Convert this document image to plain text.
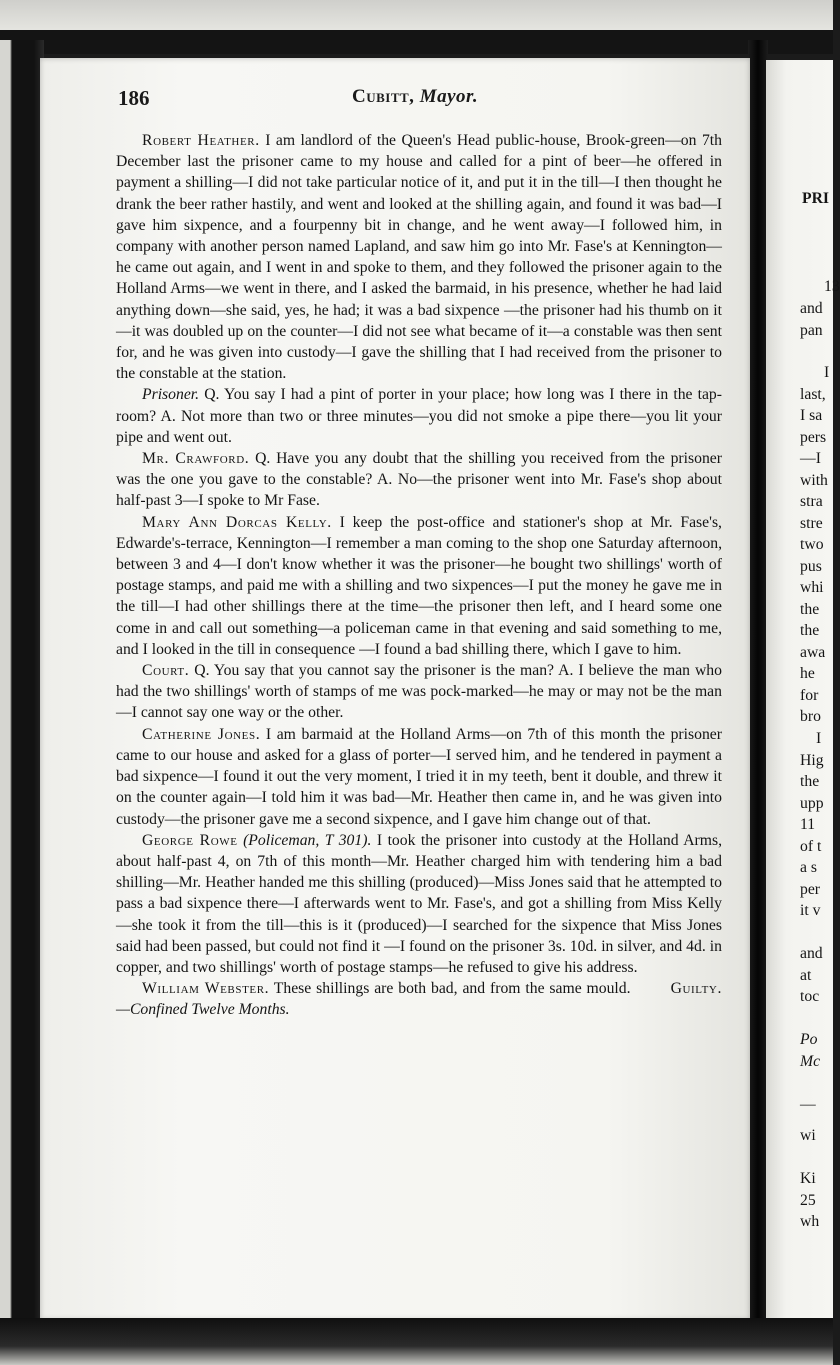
186	Cubitt, Mayor.

Robert Heather. I am landlord of the Queen's Head public-house, Brook-green—on 7th December last the prisoner came to my house and called for a pint of beer—he offered in payment a shilling—I did not take particular notice of it, and put it in the till—I then thought he drank the beer rather hastily, and went and looked at the shilling again, and found it was bad—I gave him sixpence, and a fourpenny bit in change, and he went away—I followed him, in company with another person named Lapland, and saw him go into Mr. Fase's at Kennington—he came out again, and I went in and spoke to them, and they followed the prisoner again to the Holland Arms—we went in there, and I asked the barmaid, in his presence, whether he had laid anything down—she said, yes, he had; it was a bad sixpence —the prisoner had his thumb on it—it was doubled up on the counter—I did not see what became of it—a constable was then sent for, and he was given into custody—I gave the shilling that I had received from the prisoner to the constable at the station.

Prisoner. Q. You say I had a pint of porter in your place; how long was I there in the tap-room? A. Not more than two or three minutes—you did not smoke a pipe there—you lit your pipe and went out.

Mr. Crawford. Q. Have you any doubt that the shilling you received from the prisoner was the one you gave to the constable? A. No—the prisoner went into Mr. Fase's shop about half-past 3—I spoke to Mr Fase.

Mary Ann Dorcas Kelly. I keep the post-office and stationer's shop at Mr. Fase's, Edwarde's-terrace, Kennington—I remember a man coming to the shop one Saturday afternoon, between 3 and 4—I don't know whether it was the prisoner—he bought two shillings' worth of postage stamps, and paid me with a shilling and two sixpences—I put the money he gave me in the till—I had other shillings there at the time—the prisoner then left, and I heard some one come in and call out something—a policeman came in that evening and said something to me, and I looked in the till in consequence —I found a bad shilling there, which I gave to him.

Court. Q. You say that you cannot say the prisoner is the man? A. I believe the man who had the two shillings' worth of stamps of me was pock-marked—he may or may not be the man—I cannot say one way or the other.

Catherine Jones. I am barmaid at the Holland Arms—on 7th of this month the prisoner came to our house and asked for a glass of porter—I served him, and he tendered in payment a bad sixpence—I found it out the very moment, I tried it in my teeth, bent it double, and threw it on the counter again—I told him it was bad—Mr. Heather then came in, and he was given into custody—the prisoner gave me a second sixpence, and I gave him change out of that.

George Rowe (Policeman, T 301). I took the prisoner into custody at the Holland Arms, about half-past 4, on 7th of this month—Mr. Heather charged him with tendering him a bad shilling—Mr. Heather handed me this shilling (produced)—Miss Jones said that he attempted to pass a bad sixpence there—I afterwards went to Mr. Fase's, and got a shilling from Miss Kelly—she took it from the till—this is it (produced)—I searched for the sixpence that Miss Jones said had been passed, but could not find it —I found on the prisoner 3s. 10d. in silver, and 4d. in copper, and two shillings' worth of postage stamps—he refused to give his address.

William Webster. These shillings are both bad, and from the same mould.	Guilty.—Confined Twelve Months.

PRI
13
and
pan
I
last,
I sa
pers
—I
with
stra
stre
two
pus
whi
the
the
awa
he
for
bro
I
Hig
the
upp
11
of t
a s
per
it v
and
at
toc
Po
Mc
—
wi
Ki
25
wh
